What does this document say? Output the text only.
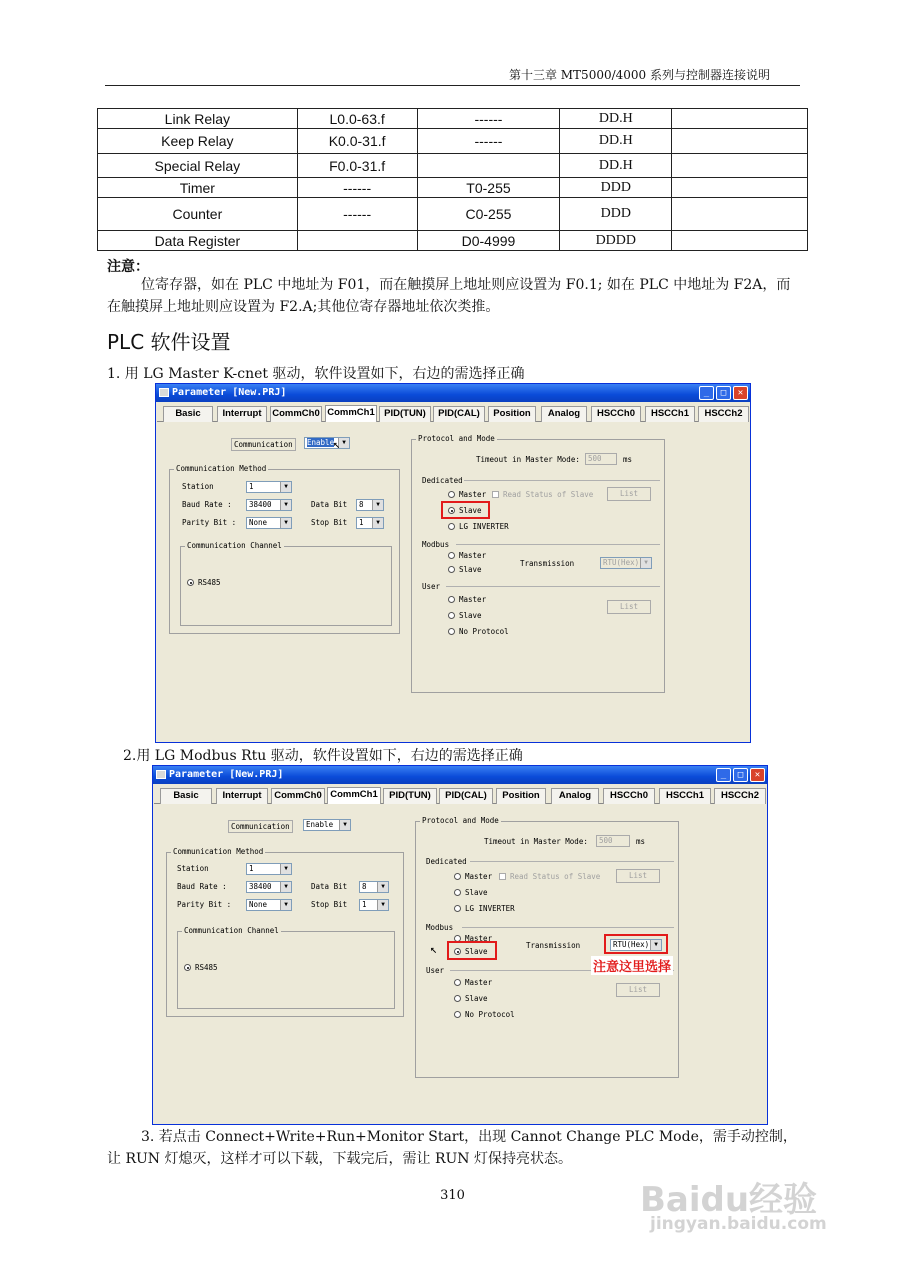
第十三章 MT5000/4000 系列与控制器连接说明
Link Relay	L0.0-63.f	------	DD.H	
Keep Relay	K0.0-31.f	------	DD.H	
Special Relay	F0.0-31.f		DD.H	
Timer	------	T0-255	DDD	
Counter	------	C0-255	DDD	
Data Register		D0-4999	DDDD	
注意：
位寄存器，如在 PLC 中地址为 F01，而在触摸屏上地址则应设置为 F0.1; 如在 PLC 中地址为 F2A，而在触摸屏上地址则应设置为 F2.A;其他位寄存器地址依次类推。
PLC 软件设置
1. 用 LG Master K-cnet 驱动，软件设置如下，右边的需选择正确
Parameter [New.PRJ]	_	□	✕
Basic	Interrupt	CommCh0 CommCh1 PID(TUN)	PID(CAL)	Position	Analog	HSCCh0	HSCCh1	HSCCh2
Communication	Enable	▼
↖
Communication Method
Station	1	▼
Baud Rate :	38400	▼	Data Bit	8	▼
Parity Bit :	None	▼	Stop Bit	1	▼
Communication Channel
RS485
Protocol and Mode
Timeout in Master Mode:	500	ms
Dedicated
Master Read Status of Slave	List
Slave
LG INVERTER
Modbus
Master
Slave
Transmission	RTU(Hex) ▼
User
Master
List
Slave
No Protocol
2.用 LG Modbus Rtu 驱动，软件设置如下，右边的需选择正确
Parameter [New.PRJ]	_	□	✕
Basic	Interrupt	CommCh0 CommCh1	PID(TUN)	PID(CAL)	Position	Analog	HSCCh0	HSCCh1	HSCCh2
Communication	Enable	▼
Communication Method
Station	1	▼
Baud Rate :	38400	▼	Data Bit	8	▼
Parity Bit :	None	▼	Stop Bit	1	▼
Communication Channel
RS485
Protocol and Mode
Timeout in Master Mode:	500	ms
Dedicated
Master Read Status of Slave	List
Slave
LG INVERTER
Modbus
Master
Slave
↖	Transmission	RTU(Hex) ▼
User
Master
List
Slave
No Protocol
注意这里选择
3. 若点击 Connect+Write+Run+Monitor Start，出现 Cannot Change PLC Mode，需手动控制，让 RUN 灯熄灭，这样才可以下载，下载完后，需让 RUN 灯保持亮状态。
310	Baidu经验
jingyan.baidu.com
